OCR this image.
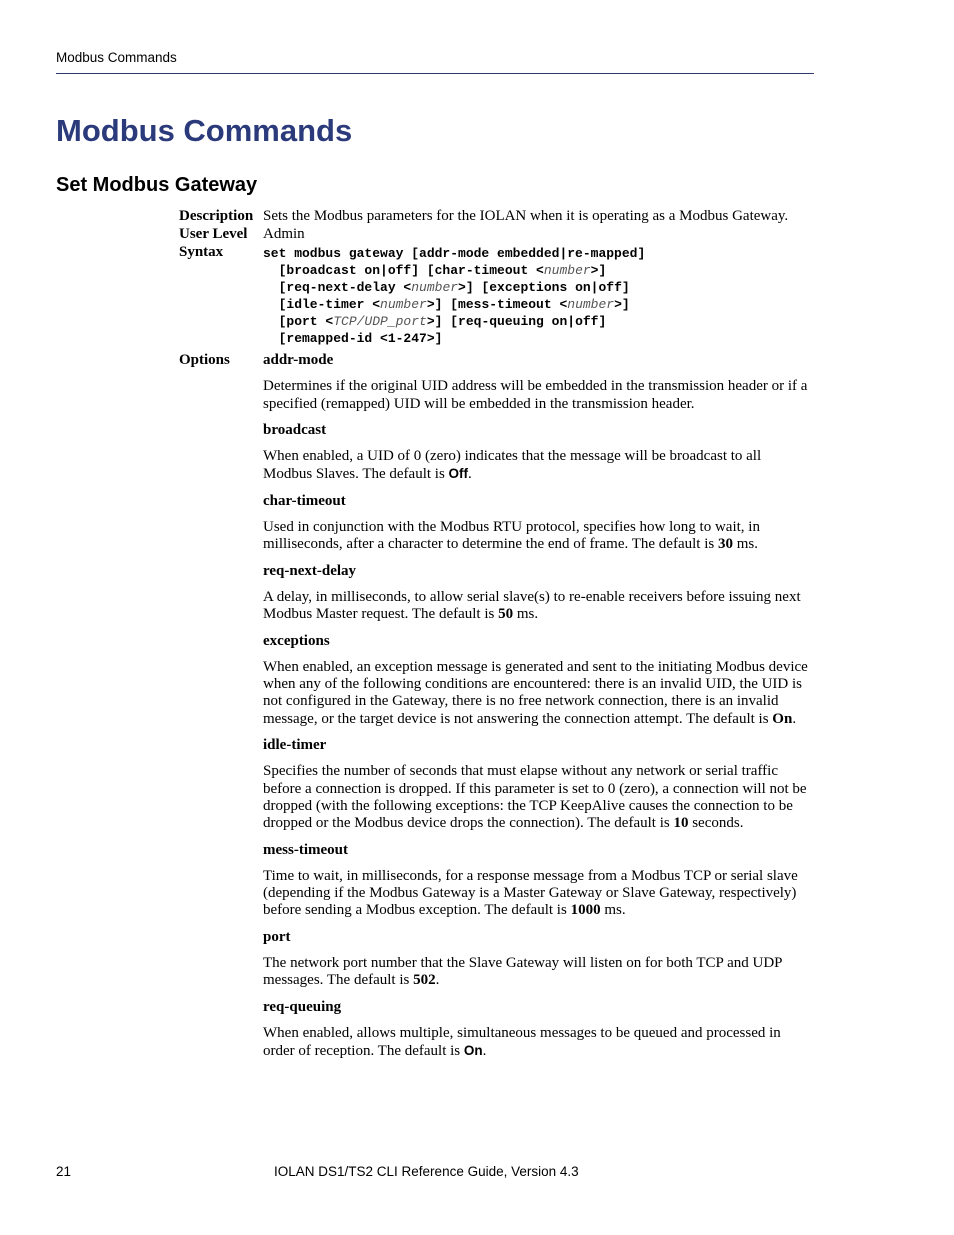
Modbus Commands
Modbus Commands
Set Modbus Gateway
Description Sets the Modbus parameters for the IOLAN when it is operating as a Modbus Gateway.
User Level Admin
Syntax	set modbus gateway [addr-mode embedded|re-mapped]
[broadcast on|off] [char-timeout <number>]
[req-next-delay <number>] [exceptions on|off]
[idle-timer <number>] [mess-timeout <number>]
[port <TCP/UDP_port>] [req-queuing on|off]
[remapped-id <1-247>]
Options addr-mode
Determines if the original UID address will be embedded in the transmission header or if a specified (remapped) UID will be embedded in the transmission header.
broadcast
When enabled, a UID of 0 (zero) indicates that the message will be broadcast to all Modbus Slaves. The default is Off.
char-timeout
Used in conjunction with the Modbus RTU protocol, specifies how long to wait, in milliseconds, after a character to determine the end of frame. The default is 30 ms.
req-next-delay
A delay, in milliseconds, to allow serial slave(s) to re-enable receivers before issuing next Modbus Master request. The default is 50 ms.
exceptions
When enabled, an exception message is generated and sent to the initiating Modbus device when any of the following conditions are encountered: there is an invalid UID, the UID is not configured in the Gateway, there is no free network connection, there is an invalid message, or the target device is not answering the connection attempt. The default is On.
idle-timer
Specifies the number of seconds that must elapse without any network or serial traffic before a connection is dropped. If this parameter is set to 0 (zero), a connection will not be dropped (with the following exceptions: the TCP KeepAlive causes the connection to be dropped or the Modbus device drops the connection). The default is 10 seconds.
mess-timeout
Time to wait, in milliseconds, for a response message from a Modbus TCP or serial slave (depending if the Modbus Gateway is a Master Gateway or Slave Gateway, respectively) before sending a Modbus exception. The default is 1000 ms.
port
The network port number that the Slave Gateway will listen on for both TCP and UDP messages. The default is 502.
req-queuing
When enabled, allows multiple, simultaneous messages to be queued and processed in order of reception. The default is On.
21	IOLAN DS1/TS2 CLI Reference Guide, Version 4.3
